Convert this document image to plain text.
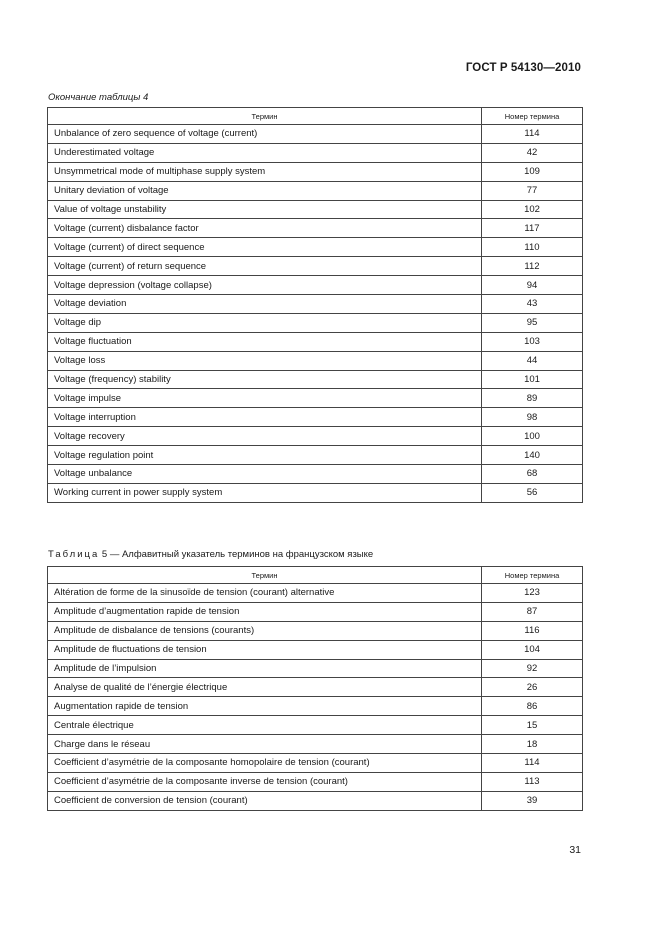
ГОСТ Р 54130—2010
Окончание таблицы 4
Термин	Номер термина
Unbalance of zero sequence of voltage (current)	114
Underestimated voltage	42
Unsymmetrical mode of multiphase supply system	109
Unitary deviation of voltage	77
Value of voltage unstability	102
Voltage (current) disbalance factor	117
Voltage (current) of direct sequence	110
Voltage (current) of return sequence	112
Voltage depression (voltage collapse)	94
Voltage deviation	43
Voltage dip	95
Voltage fluctuation	103
Voltage loss	44
Voltage (frequency) stability	101
Voltage impulse	89
Voltage interruption	98
Voltage recovery	100
Voltage regulation point	140
Voltage unbalance	68
Working current in power supply system	56
Таблица 5 — Алфавитный указатель терминов на французском языке
Термин	Номер термина
Altération de forme de la sinusoïde de tension (courant) alternative	123
Amplitude d’augmentation rapide de tension	87
Amplitude de disbalance de tensions (courants)	116
Amplitude de fluctuations de tension	104
Amplitude de l’impulsion	92
Analyse de qualité de l’énergie électrique	26
Augmentation rapide de tension	86
Centrale électrique	15
Charge dans le réseau	18
Coefficient d’asymétrie de la composante homopolaire de tension (courant)	114
Coefficient d’asymétrie de la composante inverse de tension (courant)	113
Coefficient de conversion de tension (courant)	39
31
